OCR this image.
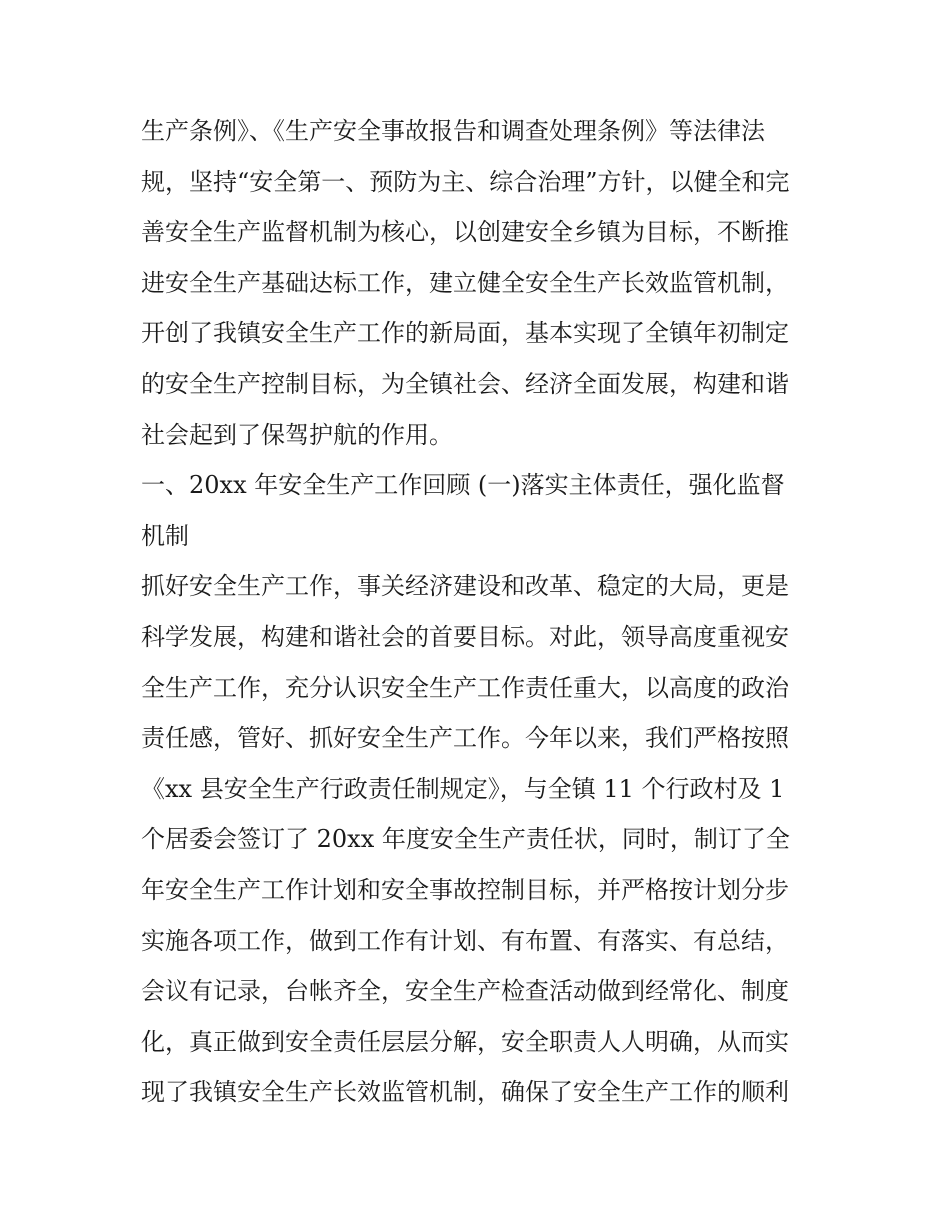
生产条例》、《生产安全事故报告和调查处理条例》等法律法
规，坚持“安全第一、预防为主、综合治理”方针，以健全和完
善安全生产监督机制为核心，以创建安全乡镇为目标，不断推
进安全生产基础达标工作，建立健全安全生产长效监管机制，
开创了我镇安全生产工作的新局面，基本实现了全镇年初制定
的安全生产控制目标，为全镇社会、经济全面发展，构建和谐
社会起到了保驾护航的作用。
一、20xx 年安全生产工作回顾 (一)落实主体责任，强化监督
机制
抓好安全生产工作，事关经济建设和改革、稳定的大局，更是
科学发展，构建和谐社会的首要目标。对此，领导高度重视安
全生产工作，充分认识安全生产工作责任重大，以高度的政治
责任感，管好、抓好安全生产工作。今年以来，我们严格按照
《xx 县安全生产行政责任制规定》，与全镇 11 个行政村及 1
个居委会签订了 20xx 年度安全生产责任状，同时，制订了全
年安全生产工作计划和安全事故控制目标，并严格按计划分步
实施各项工作，做到工作有计划、有布置、有落实、有总结，
会议有记录，台帐齐全，安全生产检查活动做到经常化、制度
化，真正做到安全责任层层分解，安全职责人人明确，从而实
现了我镇安全生产长效监管机制，确保了安全生产工作的顺利
